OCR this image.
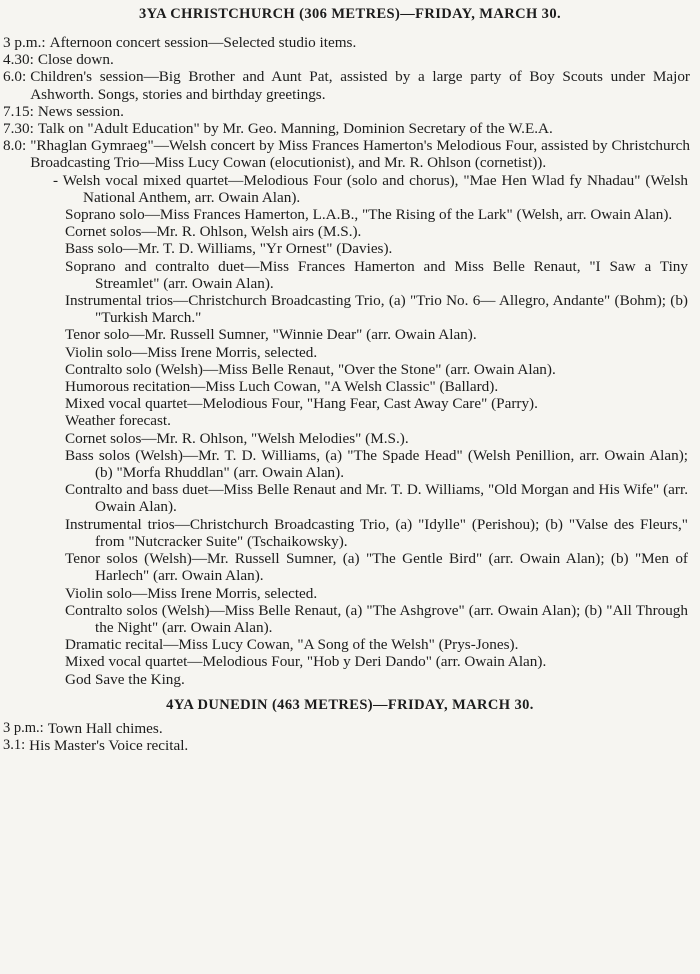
3YA CHRISTCHURCH (306 METRES)—FRIDAY, MARCH 30.
3 p.m.: Afternoon concert session—Selected studio items.
4.30: Close down.
6.0: Children's session—Big Brother and Aunt Pat, assisted by a large party of Boy Scouts under Major Ashworth. Songs, stories and birthday greetings.
7.15: News session.
7.30: Talk on "Adult Education" by Mr. Geo. Manning, Dominion Secretary of the W.E.A.
8.0: "Rhaglan Gymraeg"—Welsh concert by Miss Frances Hamerton's Melodious Four, assisted by Christchurch Broadcasting Trio—Miss Lucy Cowan (elocutionist), and Mr. R. Ohlson (cornetist)).
- Welsh vocal mixed quartet—Melodious Four (solo and chorus), "Mae Hen Wlad fy Nhadau" (Welsh National Anthem, arr. Owain Alan).
Soprano solo—Miss Frances Hamerton, L.A.B., "The Rising of the Lark" (Welsh, arr. Owain Alan).
Cornet solos—Mr. R. Ohlson, Welsh airs (M.S.).
Bass solo—Mr. T. D. Williams, "Yr Ornest" (Davies).
Soprano and contralto duet—Miss Frances Hamerton and Miss Belle Renaut, "I Saw a Tiny Streamlet" (arr. Owain Alan).
Instrumental trios—Christchurch Broadcasting Trio, (a) "Trio No. 6— Allegro, Andante" (Bohm); (b) "Turkish March."
Tenor solo—Mr. Russell Sumner, "Winnie Dear" (arr. Owain Alan).
Violin solo—Miss Irene Morris, selected.
Contralto solo (Welsh)—Miss Belle Renaut, "Over the Stone" (arr. Owain Alan).
Humorous recitation—Miss Luch Cowan, "A Welsh Classic" (Ballard).
Mixed vocal quartet—Melodious Four, "Hang Fear, Cast Away Care" (Parry).
Weather forecast.
Cornet solos—Mr. R. Ohlson, "Welsh Melodies" (M.S.).
Bass solos (Welsh)—Mr. T. D. Williams, (a) "The Spade Head" (Welsh Penillion, arr. Owain Alan); (b) "Morfa Rhuddlan" (arr. Owain Alan).
Contralto and bass duet—Miss Belle Renaut and Mr. T. D. Williams, "Old Morgan and His Wife" (arr. Owain Alan).
Instrumental trios—Christchurch Broadcasting Trio, (a) "Idylle" (Perishou); (b) "Valse des Fleurs," from "Nutcracker Suite" (Tschaikowsky).
Tenor solos (Welsh)—Mr. Russell Sumner, (a) "The Gentle Bird" (arr. Owain Alan); (b) "Men of Harlech" (arr. Owain Alan).
Violin solo—Miss Irene Morris, selected.
Contralto solos (Welsh)—Miss Belle Renaut, (a) "The Ashgrove" (arr. Owain Alan); (b) "All Through the Night" (arr. Owain Alan).
Dramatic recital—Miss Lucy Cowan, "A Song of the Welsh" (Prys-Jones).
Mixed vocal quartet—Melodious Four, "Hob y Deri Dando" (arr. Owain Alan).
God Save the King.
4YA DUNEDIN (463 METRES)—FRIDAY, MARCH 30.
3 p.m.: Town Hall chimes.
3.1: His Master's Voice recital.
